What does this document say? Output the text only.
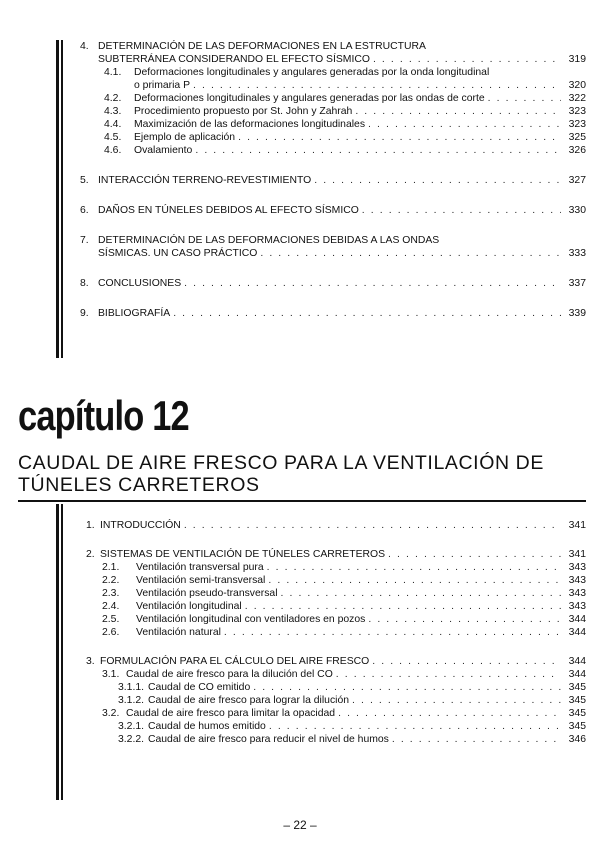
4. DETERMINACIÓN DE LAS DEFORMACIONES EN LA ESTRUCTURA
SUBTERRÁNEA CONSIDERANDO EL EFECTO SÍSMICO . . .	319
4.1.	Deformaciones longitudinales y angulares generadas por la onda longitudinal
o primaria P . . .	320
4.2.	Deformaciones longitudinales y angulares generadas por las ondas de corte . . .	322
4.3.	Procedimiento propuesto por St. John y Zahrah . . .	323
4.4.	Maximización de las deformaciones longitudinales . . .	323
4.5.	Ejemplo de aplicación . . .	325
4.6.	Ovalamiento . . .	326
5. INTERACCIÓN TERRENO-REVESTIMIENTO . . .	327
6. DAÑOS EN TÚNELES DEBIDOS AL EFECTO SÍSMICO . . .	330
7. DETERMINACIÓN DE LAS DEFORMACIONES DEBIDAS A LAS ONDAS
SÍSMICAS. UN CASO PRÁCTICO . . .	333
8. CONCLUSIONES . . .	337
9. BIBLIOGRAFÍA . . .	339
capítulo 12
CAUDAL DE AIRE FRESCO PARA LA VENTILACIÓN DE
TÚNELES CARRETEROS
1. INTRODUCCIÓN . . .	341
2. SISTEMAS DE VENTILACIÓN DE TÚNELES CARRETEROS . . .	341
2.1.	Ventilación transversal pura . . .	343
2.2.	Ventilación semi-transversal . . .	343
2.3.	Ventilación pseudo-transversal . . .	343
2.4.	Ventilación longitudinal . . .	343
2.5.	Ventilación longitudinal con ventiladores en pozos . . .	344
2.6.	Ventilación natural . . .	344
3. FORMULACIÓN PARA EL CÁLCULO DEL AIRE FRESCO . . .	344
3.1. Caudal de aire fresco para la dilución del CO . . .	344
3.1.1. Caudal de CO emitido . . .	345
3.1.2. Caudal de aire fresco para lograr la dilución . . .	345
3.2. Caudal de aire fresco para limitar la opacidad . . .	345
3.2.1. Caudal de humos emitido . . .	345
3.2.2. Caudal de aire fresco para reducir el nivel de humos . . .	346
– 22 –
